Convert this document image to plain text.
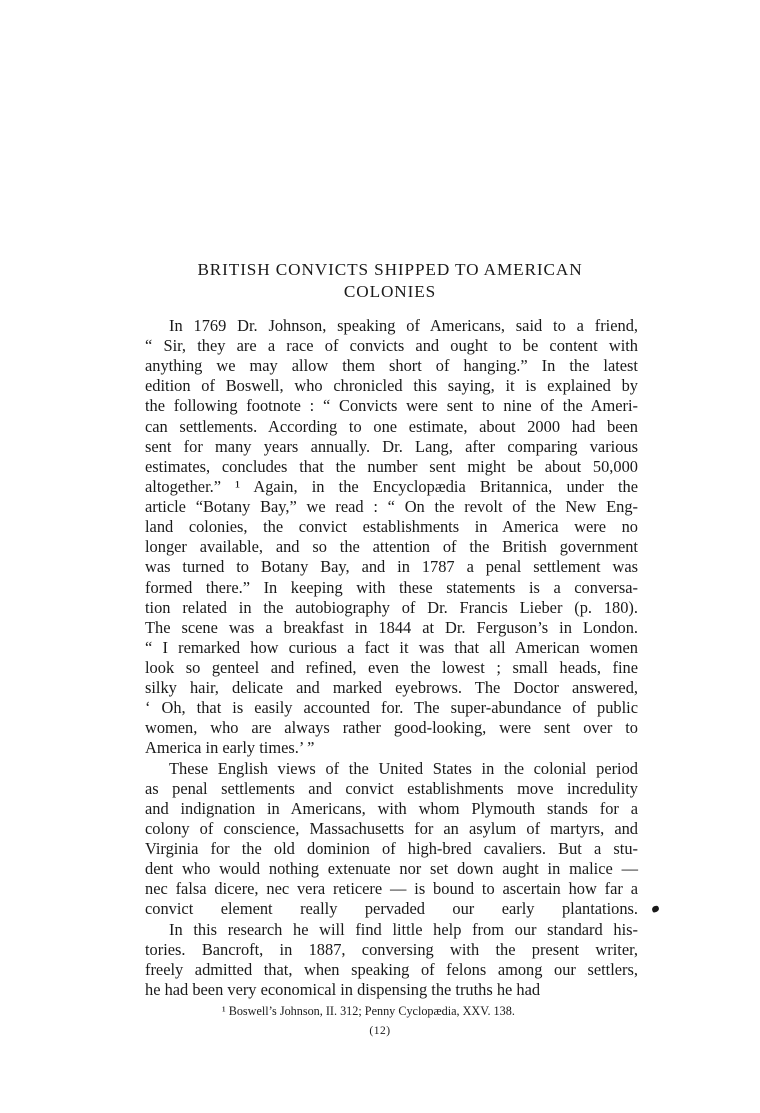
BRITISH CONVICTS SHIPPED TO AMERICAN
COLONIES
In 1769 Dr. Johnson, speaking of Americans, said to a friend,
“ Sir, they are a race of convicts and ought to be content with
anything we may allow them short of hanging.” In the latest
edition of Boswell, who chronicled this saying, it is explained by
the following footnote : “ Convicts were sent to nine of the Ameri-
can settlements. According to one estimate, about 2000 had been
sent for many years annually. Dr. Lang, after comparing various
estimates, concludes that the number sent might be about 50,000
altogether.” ¹ Again, in the Encyclopædia Britannica, under the
article “Botany Bay,” we read : “ On the revolt of the New Eng-
land colonies, the convict establishments in America were no
longer available, and so the attention of the British government
was turned to Botany Bay, and in 1787 a penal settlement was
formed there.” In keeping with these statements is a conversa-
tion related in the autobiography of Dr. Francis Lieber (p. 180).
The scene was a breakfast in 1844 at Dr. Ferguson’s in London.
“ I remarked how curious a fact it was that all American women
look so genteel and refined, even the lowest ; small heads, fine
silky hair, delicate and marked eyebrows. The Doctor answered,
‘ Oh, that is easily accounted for. The super-abundance of public
women, who are always rather good-looking, were sent over to
America in early times.’ ”
These English views of the United States in the colonial period
as penal settlements and convict establishments move incredulity
and indignation in Americans, with whom Plymouth stands for a
colony of conscience, Massachusetts for an asylum of martyrs, and
Virginia for the old dominion of high-bred cavaliers. But a stu-
dent who would nothing extenuate nor set down aught in malice —
nec falsa dicere, nec vera reticere — is bound to ascertain how far a
convict element really pervaded our early plantations.
¹ Boswell’s Johnson, II. 312; Penny Cyclopædia, XXV. 138.
(12)
In this research he will find little help from our standard his-
tories. Bancroft, in 1887, conversing with the present writer,
freely admitted that, when speaking of felons among our settlers,
he had been very economical in dispensing the truths he had
